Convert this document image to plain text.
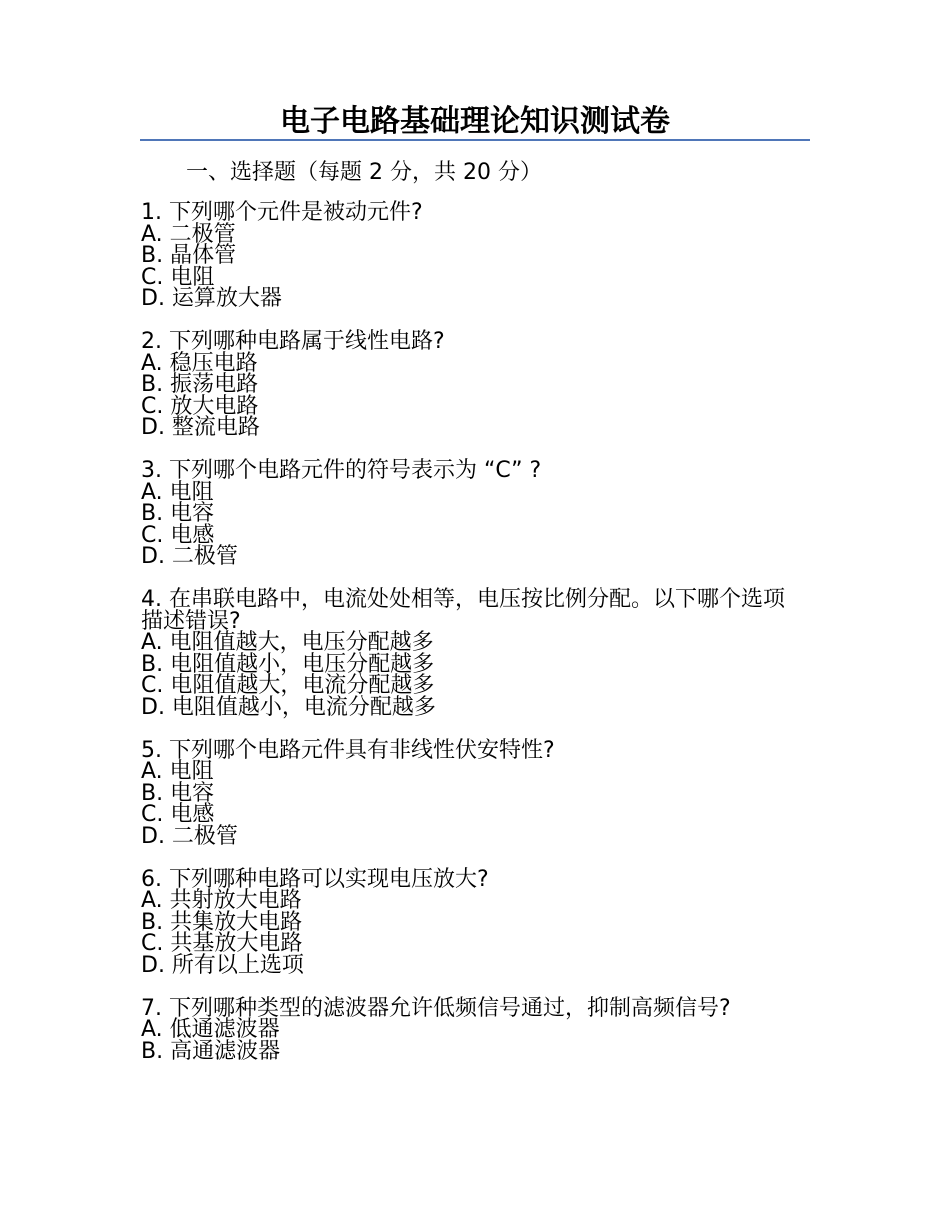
电子电路基础理论知识测试卷
一、选择题（每题 2 分，共 20 分）
1. 下列哪个元件是被动元件?
A. 二极管
B. 晶体管
C. 电阻
D. 运算放大器
2. 下列哪种电路属于线性电路?
A. 稳压电路
B. 振荡电路
C. 放大电路
D. 整流电路
3. 下列哪个电路元件的符号表示为 “C” ?
A. 电阻
B. 电容
C. 电感
D. 二极管
4. 在串联电路中，电流处处相等，电压按比例分配。以下哪个选项描述错误?
A. 电阻值越大，电压分配越多
B. 电阻值越小，电压分配越多
C. 电阻值越大，电流分配越多
D. 电阻值越小，电流分配越多
5. 下列哪个电路元件具有非线性伏安特性?
A. 电阻
B. 电容
C. 电感
D. 二极管
6. 下列哪种电路可以实现电压放大?
A. 共射放大电路
B. 共集放大电路
C. 共基放大电路
D. 所有以上选项
7. 下列哪种类型的滤波器允许低频信号通过，抑制高频信号?
A. 低通滤波器
B. 高通滤波器
